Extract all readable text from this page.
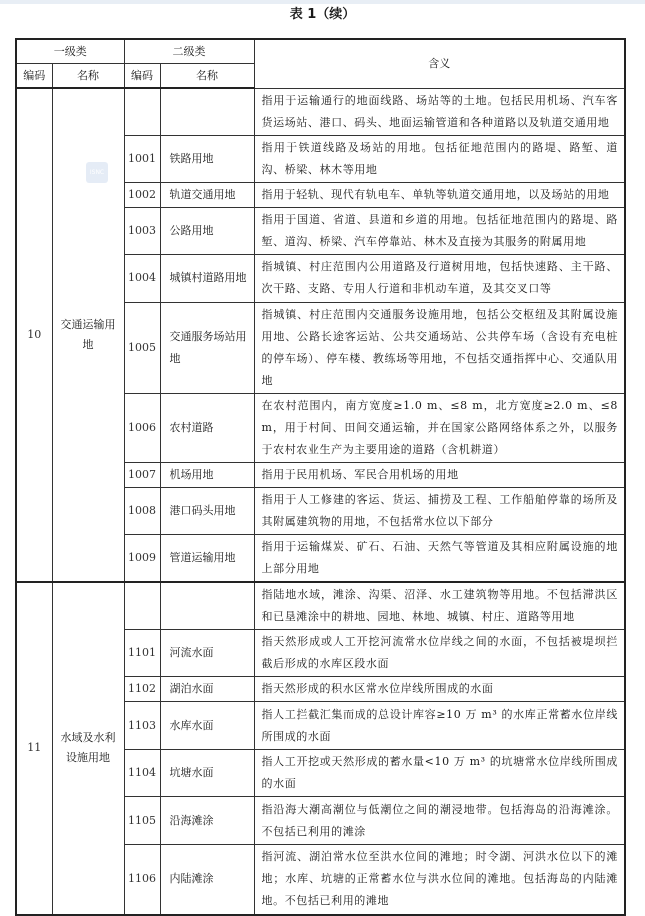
表 1（续）
一级类		二级类		含义
编码	名称	编码	名称	
10	交通运输用地			指用于运输通行的地面线路、场站等的土地。包括民用机场、汽车客货运场站、港口、码头、地面运输管道和各种道路以及轨道交通用地
		1001	铁路用地	指用于铁道线路及场站的用地。包括征地范围内的路堤、路堑、道沟、桥梁、林木等用地
		1002	轨道交通用地	指用于轻轨、现代有轨电车、单轨等轨道交通用地，以及场站的用地
		1003	公路用地	指用于国道、省道、县道和乡道的用地。包括征地范围内的路堤、路堑、道沟、桥梁、汽车停靠站、林木及直接为其服务的附属用地
		1004	城镇村道路用地	指城镇、村庄范围内公用道路及行道树用地，包括快速路、主干路、次干路、支路、专用人行道和非机动车道，及其交叉口等
		1005	交通服务场站用地	指城镇、村庄范围内交通服务设施用地，包括公交枢纽及其附属设施用地、公路长途客运站、公共交通场站、公共停车场（含设有充电桩的停车场）、停车楼、教练场等用地，不包括交通指挥中心、交通队用地
		1006	农村道路	在农村范围内，南方宽度≥1.0 m、≤8 m，北方宽度≥2.0 m、≤8 m，用于村间、田间交通运输，并在国家公路网络体系之外，以服务于农村农业生产为主要用途的道路（含机耕道）
		1007	机场用地	指用于民用机场、军民合用机场的用地
		1008	港口码头用地	指用于人工修建的客运、货运、捕捞及工程、工作船舶停靠的场所及其附属建筑物的用地，不包括常水位以下部分
		1009	管道运输用地	指用于运输煤炭、矿石、石油、天然气等管道及其相应附属设施的地上部分用地
11	水域及水利设施用地			指陆地水域，滩涂、沟渠、沼泽、水工建筑物等用地。不包括滞洪区和已垦滩涂中的耕地、园地、林地、城镇、村庄、道路等用地
		1101	河流水面	指天然形成或人工开挖河流常水位岸线之间的水面，不包括被堤坝拦截后形成的水库区段水面
		1102	湖泊水面	指天然形成的积水区常水位岸线所围成的水面
		1103	水库水面	指人工拦截汇集而成的总设计库容≥10 万 m³ 的水库正常蓄水位岸线所围成的水面
		1104	坑塘水面	指人工开挖或天然形成的蓄水量<10 万 m³ 的坑塘常水位岸线所围成的水面
		1105	沿海滩涂	指沿海大潮高潮位与低潮位之间的潮浸地带。包括海岛的沿海滩涂。不包括已利用的滩涂
		1106	内陆滩涂	指河流、湖泊常水位至洪水位间的滩地；时令湖、河洪水位以下的滩地；水库、坑塘的正常蓄水位与洪水位间的滩地。包括海岛的内陆滩地。不包括已利用的滩地
ISNC
